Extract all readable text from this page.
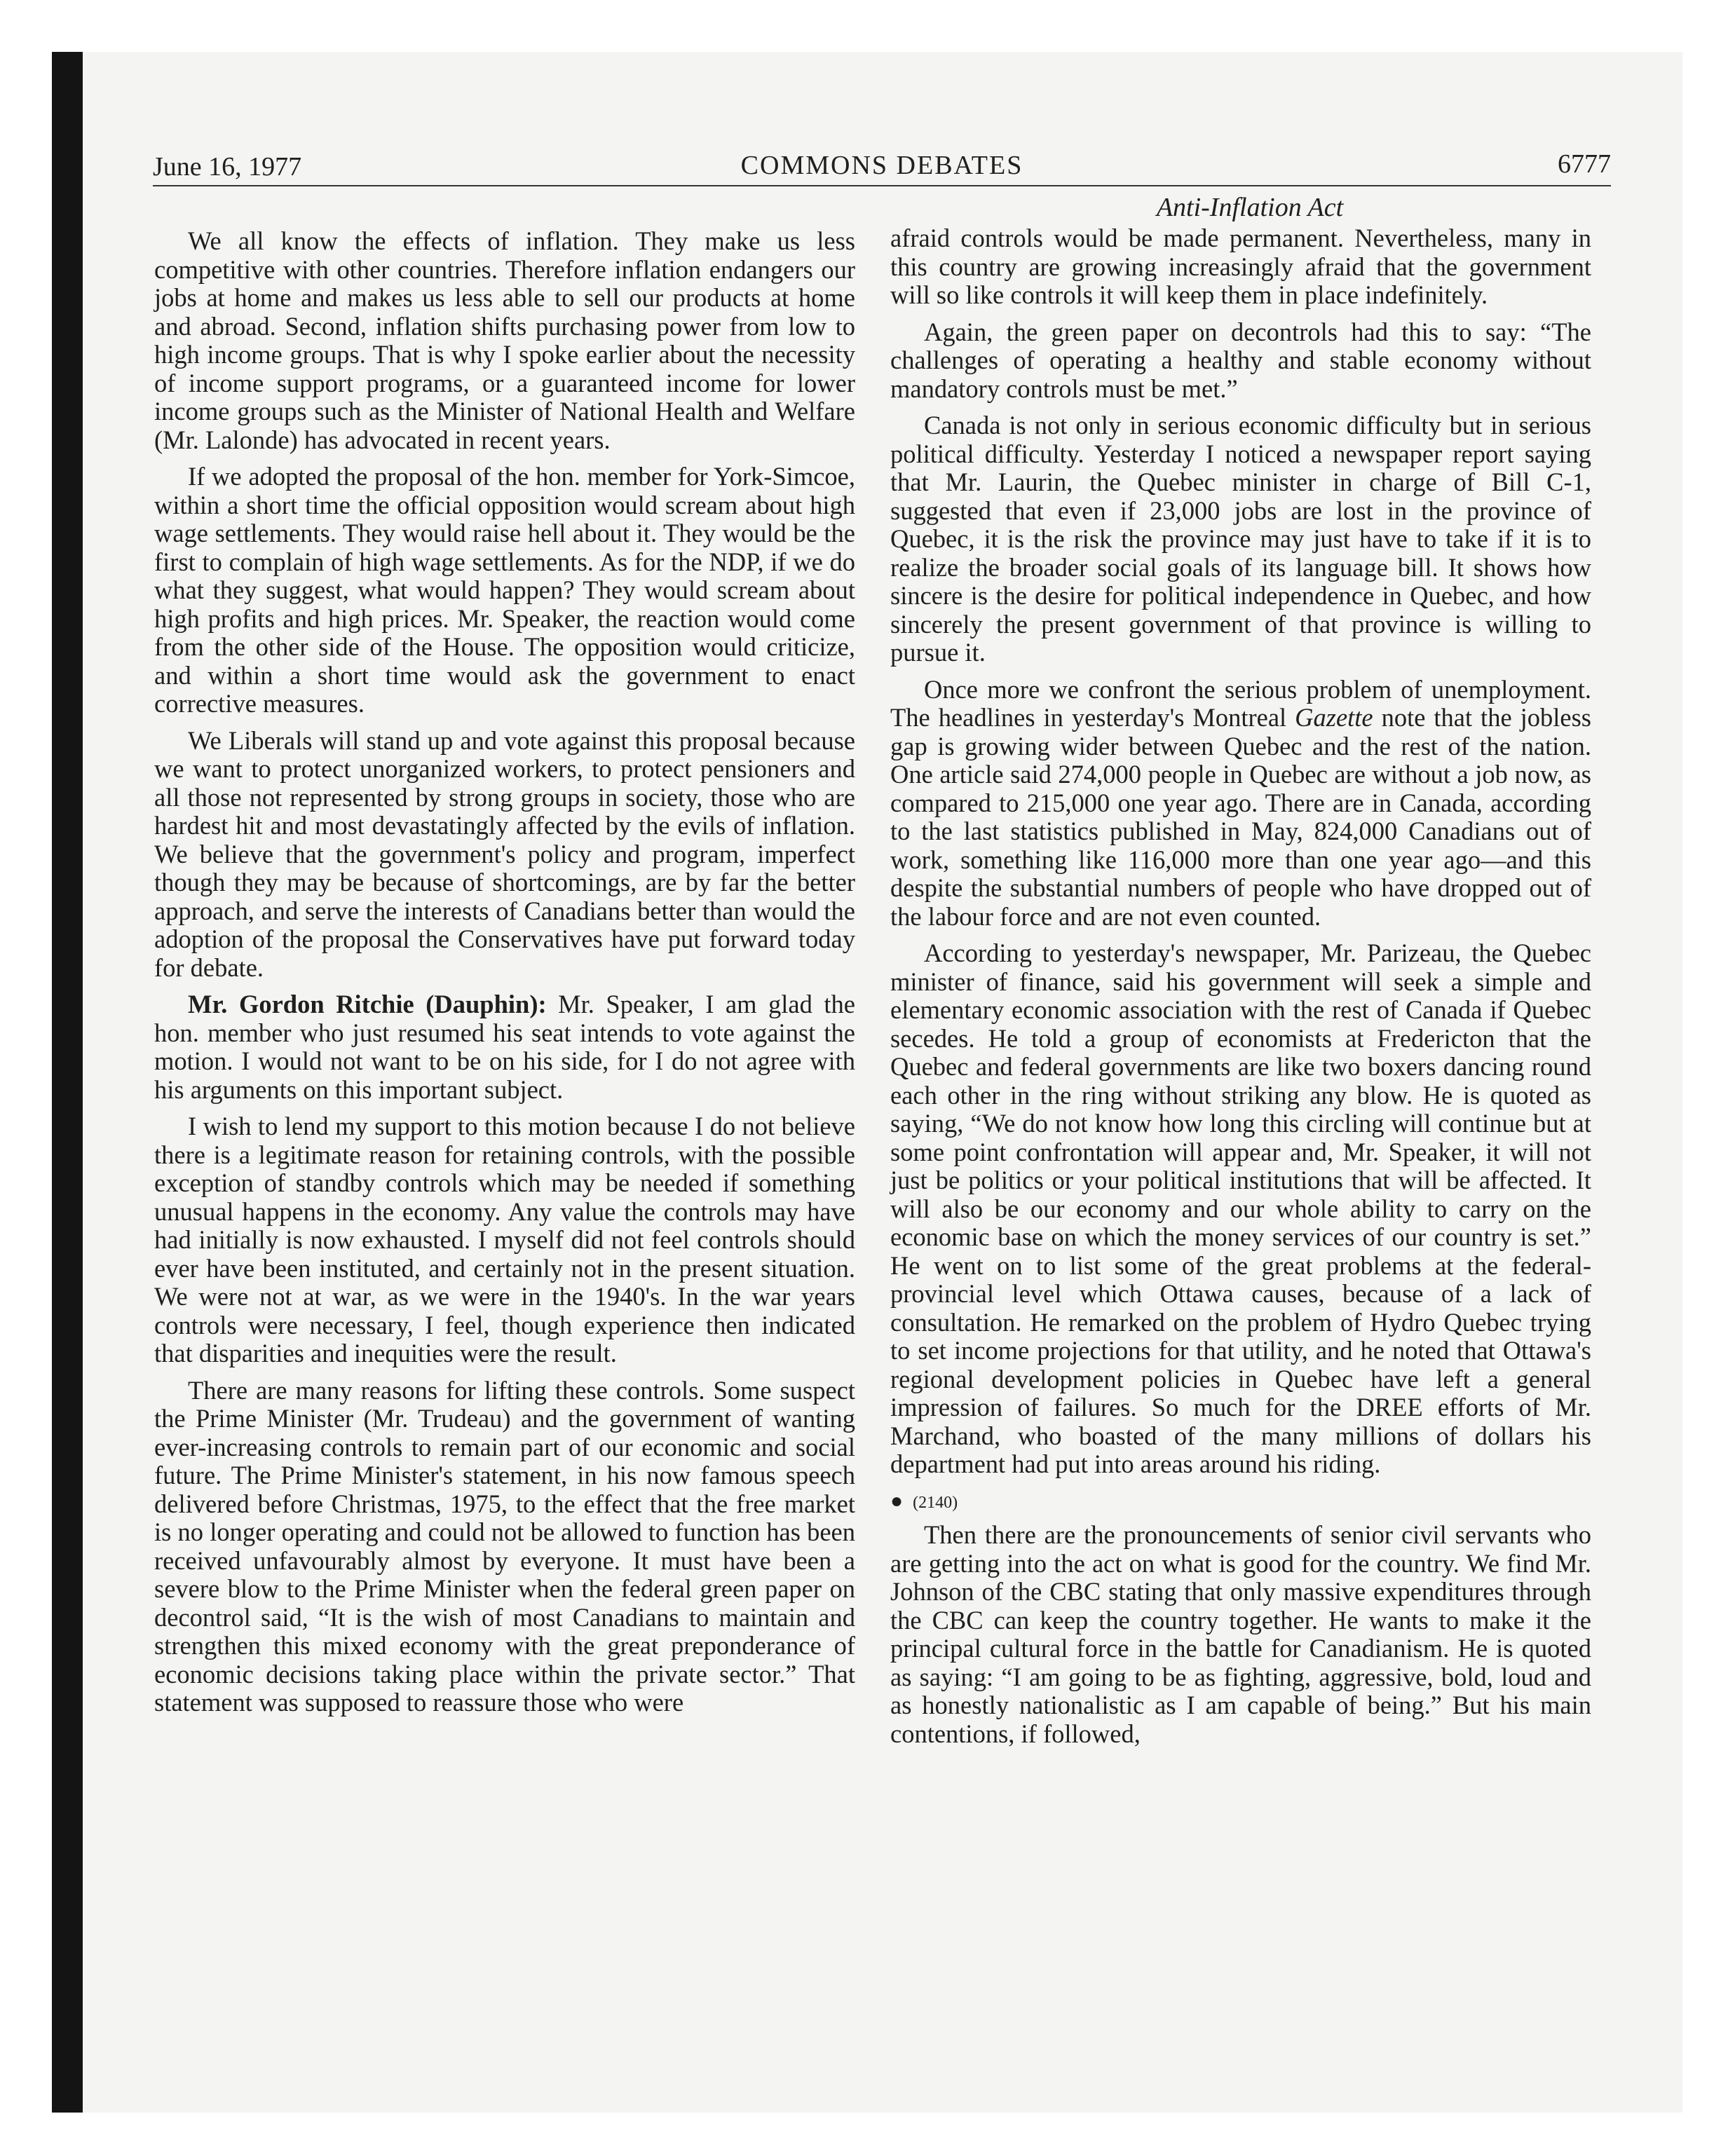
June 16, 1977	COMMONS DEBATES	6777
Anti-Inflation Act

We all know the effects of inflation. They make us less competitive with other countries. Therefore inflation endangers our jobs at home and makes us less able to sell our products at home and abroad. Second, inflation shifts purchasing power from low to high income groups. That is why I spoke earlier about the necessity of income support programs, or a guaranteed income for lower income groups such as the Minister of National Health and Welfare (Mr. Lalonde) has advocated in recent years.

If we adopted the proposal of the hon. member for York-Simcoe, within a short time the official opposition would scream about high wage settlements. They would raise hell about it. They would be the first to complain of high wage settlements. As for the NDP, if we do what they suggest, what would happen? They would scream about high profits and high prices. Mr. Speaker, the reaction would come from the other side of the House. The opposition would criticize, and within a short time would ask the government to enact corrective measures.

We Liberals will stand up and vote against this proposal because we want to protect unorganized workers, to protect pensioners and all those not represented by strong groups in society, those who are hardest hit and most devastatingly affected by the evils of inflation. We believe that the government's policy and program, imperfect though they may be because of shortcomings, are by far the better approach, and serve the interests of Canadians better than would the adoption of the proposal the Conservatives have put forward today for debate.

Mr. Gordon Ritchie (Dauphin): Mr. Speaker, I am glad the hon. member who just resumed his seat intends to vote against the motion. I would not want to be on his side, for I do not agree with his arguments on this important subject.

I wish to lend my support to this motion because I do not believe there is a legitimate reason for retaining controls, with the possible exception of standby controls which may be needed if something unusual happens in the economy. Any value the controls may have had initially is now exhausted. I myself did not feel controls should ever have been instituted, and certainly not in the present situation. We were not at war, as we were in the 1940's. In the war years controls were necessary, I feel, though experience then indicated that disparities and inequities were the result.

There are many reasons for lifting these controls. Some suspect the Prime Minister (Mr. Trudeau) and the government of wanting ever-increasing controls to remain part of our economic and social future. The Prime Minister's statement, in his now famous speech delivered before Christmas, 1975, to the effect that the free market is no longer operating and could not be allowed to function has been received unfavourably almost by everyone. It must have been a severe blow to the Prime Minister when the federal green paper on decontrol said, “It is the wish of most Canadians to maintain and strengthen this mixed economy with the great preponderance of economic decisions taking place within the private sector.” That statement was supposed to reassure those who were

afraid controls would be made permanent. Nevertheless, many in this country are growing increasingly afraid that the government will so like controls it will keep them in place indefinitely.

Again, the green paper on decontrols had this to say: “The challenges of operating a healthy and stable economy without mandatory controls must be met.”

Canada is not only in serious economic difficulty but in serious political difficulty. Yesterday I noticed a newspaper report saying that Mr. Laurin, the Quebec minister in charge of Bill C-1, suggested that even if 23,000 jobs are lost in the province of Quebec, it is the risk the province may just have to take if it is to realize the broader social goals of its language bill. It shows how sincere is the desire for political independence in Quebec, and how sincerely the present government of that province is willing to pursue it.

Once more we confront the serious problem of unemployment. The headlines in yesterday's Montreal Gazette note that the jobless gap is growing wider between Quebec and the rest of the nation. One article said 274,000 people in Quebec are without a job now, as compared to 215,000 one year ago. There are in Canada, according to the last statistics published in May, 824,000 Canadians out of work, something like 116,000 more than one year ago—and this despite the substantial numbers of people who have dropped out of the labour force and are not even counted.

According to yesterday's newspaper, Mr. Parizeau, the Quebec minister of finance, said his government will seek a simple and elementary economic association with the rest of Canada if Quebec secedes. He told a group of economists at Fredericton that the Quebec and federal governments are like two boxers dancing round each other in the ring without striking any blow. He is quoted as saying, “We do not know how long this circling will continue but at some point confrontation will appear and, Mr. Speaker, it will not just be politics or your political institutions that will be affected. It will also be our economy and our whole ability to carry on the economic base on which the money services of our country is set.” He went on to list some of the great problems at the federal-provincial level which Ottawa causes, because of a lack of consultation. He remarked on the problem of Hydro Quebec trying to set income projections for that utility, and he noted that Ottawa's regional development policies in Quebec have left a general impression of failures. So much for the DREE efforts of Mr. Marchand, who boasted of the many millions of dollars his department had put into areas around his riding.

● (2140)

Then there are the pronouncements of senior civil servants who are getting into the act on what is good for the country. We find Mr. Johnson of the CBC stating that only massive expenditures through the CBC can keep the country together. He wants to make it the principal cultural force in the battle for Canadianism. He is quoted as saying: “I am going to be as fighting, aggressive, bold, loud and as honestly nationalistic as I am capable of being.” But his main contentions, if followed,
